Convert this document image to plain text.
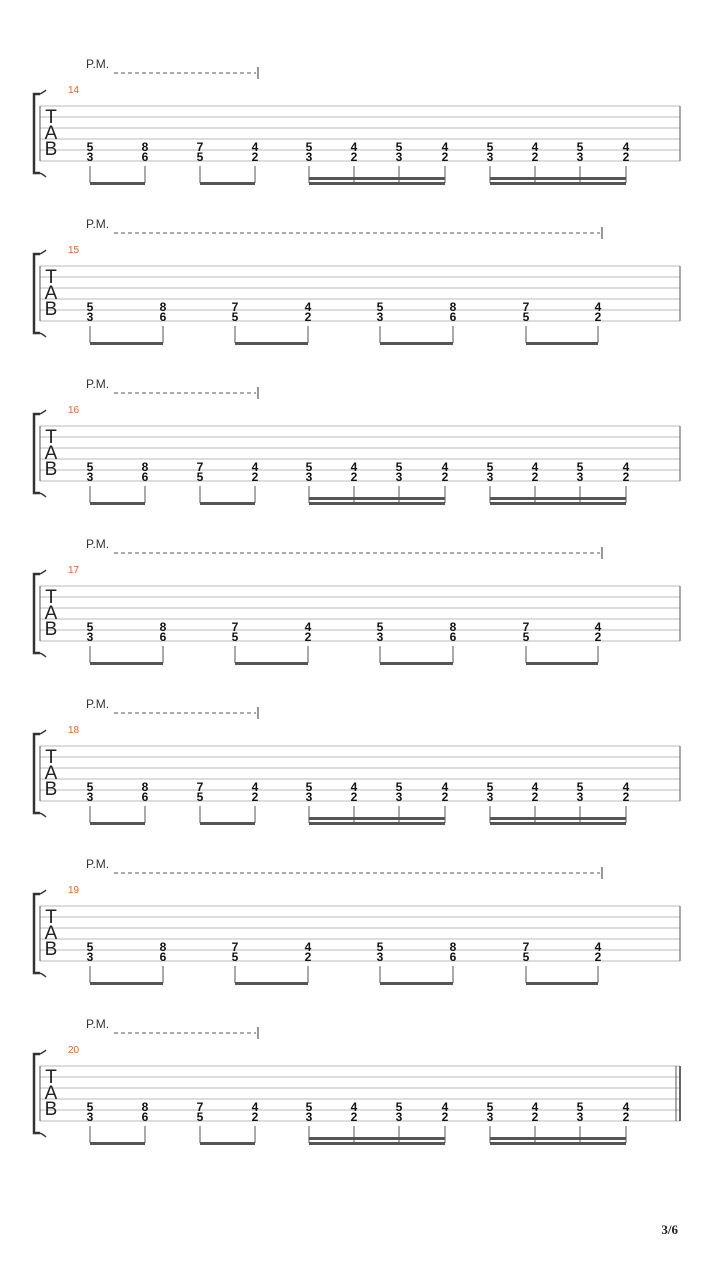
P.M.
14
T
A
B 5
3
8
6
7
5
4
2
5
3
4
2
5
3
4
2
5
3
4
2
5
3
4
2
P.M.
15
T
A
B 5
3
8
6
7
5
4
2
5
3
8
6
7
5
4
2
P.M.
16
T
A
B 5
3
8
6
7
5
4
2
5
3
4
2
5
3
4
2
5
3
4
2
5
3
4
2
P.M.
17
T
A
B 5
3
8
6
7
5
4
2
5
3
8
6
7
5
4
2
P.M.
18
T
A
B 5
3
8
6
7
5
4
2
5
3
4
2
5
3
4
2
5
3
4
2
5
3
4
2
P.M.
19
T
A
B 5
3
8
6
7
5
4
2
5
3
8
6
7
5
4
2
P.M.
20
T
A
B 5
3
8
6
7
5
4
2
5
3
4
2
5
3
4
2
5
3
4
2
5
3
4
2
3/6
